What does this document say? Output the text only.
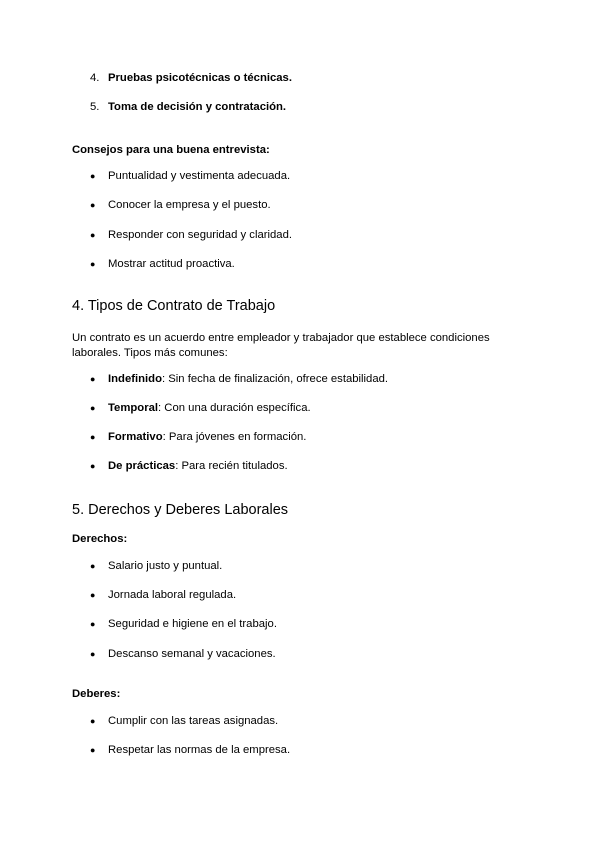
4. Pruebas psicotécnicas o técnicas.
5. Toma de decisión y contratación.
Consejos para una buena entrevista:
● Puntualidad y vestimenta adecuada.
● Conocer la empresa y el puesto.
● Responder con seguridad y claridad.
● Mostrar actitud proactiva.
4. Tipos de Contrato de Trabajo
Un contrato es un acuerdo entre empleador y trabajador que establece condiciones
laborales. Tipos más comunes:
● Indefinido: Sin fecha de finalización, ofrece estabilidad.
● Temporal: Con una duración específica.
● Formativo: Para jóvenes en formación.
● De prácticas: Para recién titulados.
5. Derechos y Deberes Laborales
Derechos:
● Salario justo y puntual.
● Jornada laboral regulada.
● Seguridad e higiene en el trabajo.
● Descanso semanal y vacaciones.
Deberes:
● Cumplir con las tareas asignadas.
● Respetar las normas de la empresa.
